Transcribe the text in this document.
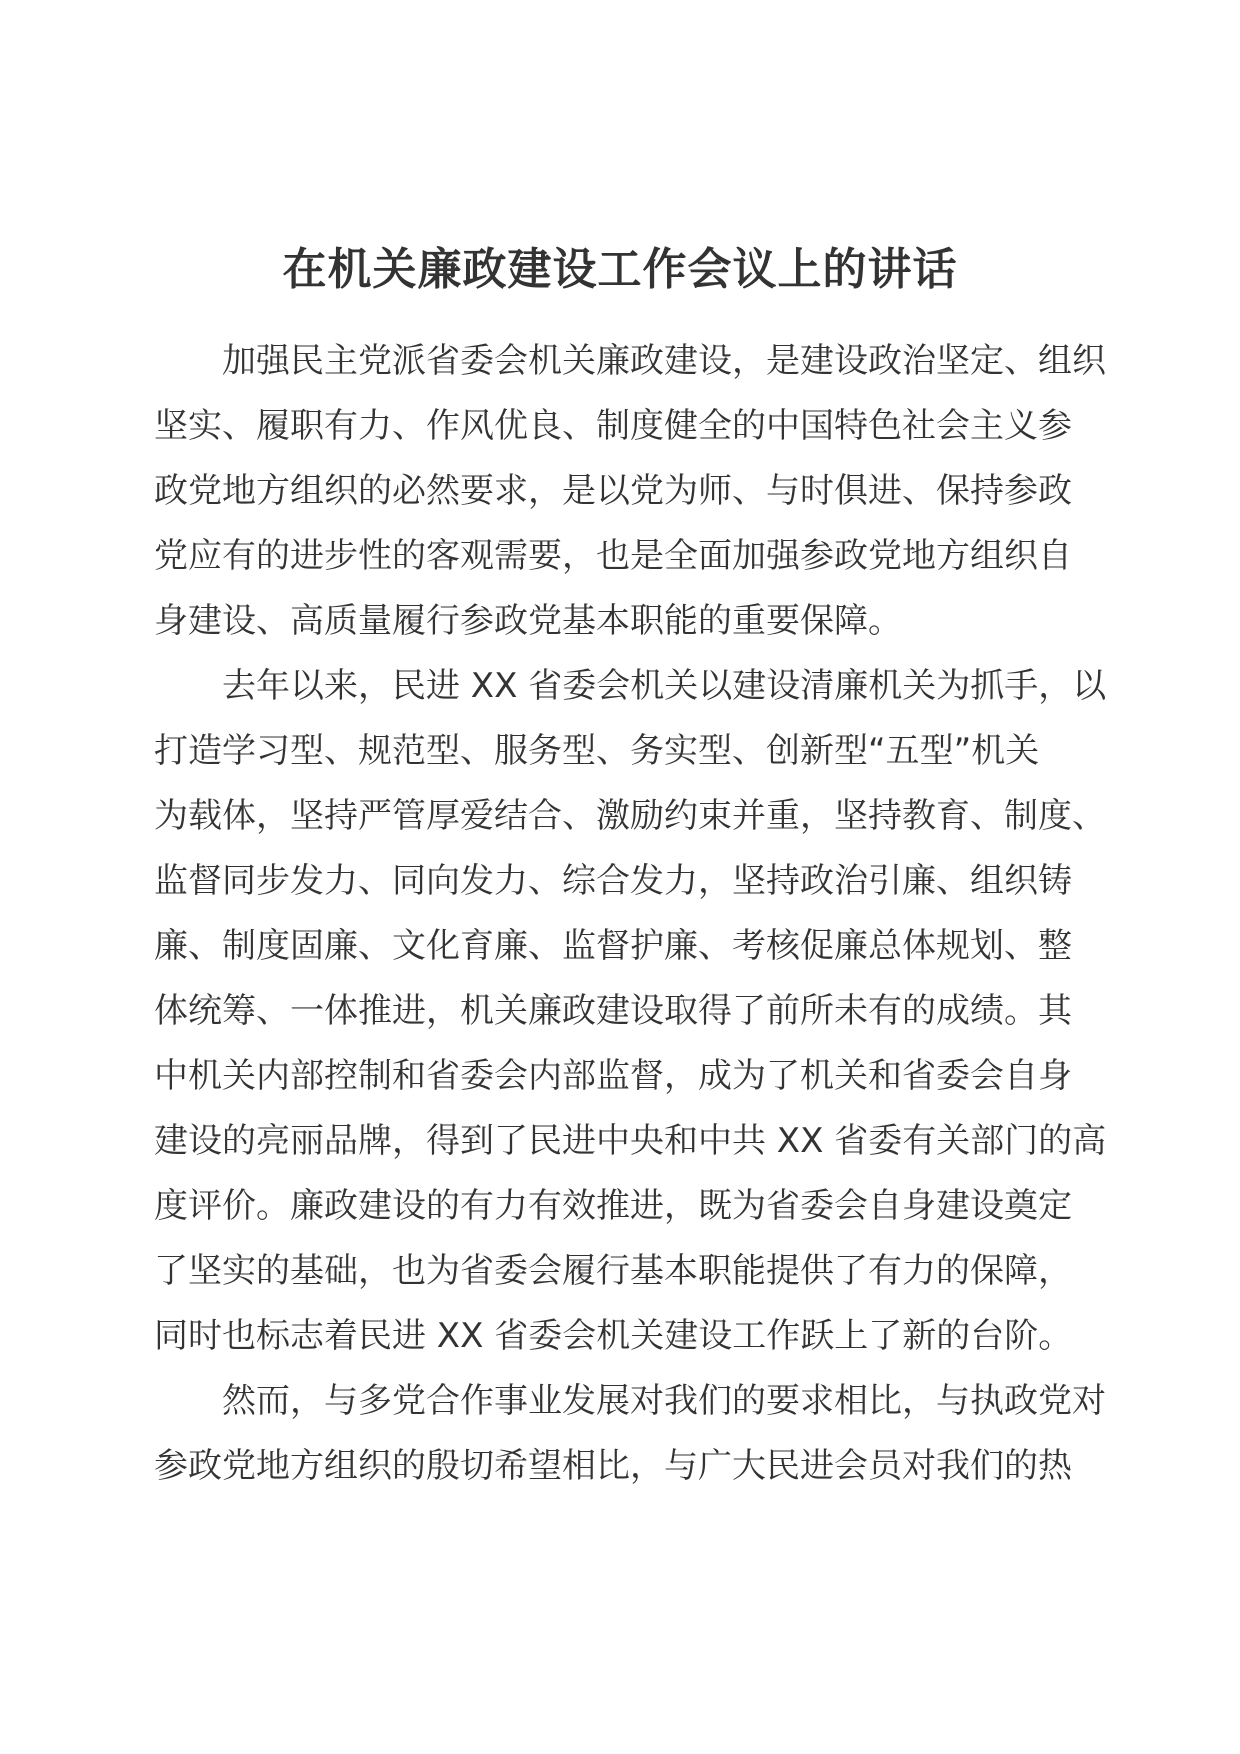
在机关廉政建设工作会议上的讲话

加强民主党派省委会机关廉政建设，是建设政治坚定、组织
坚实、履职有力、作风优良、制度健全的中国特色社会主义参
政党地方组织的必然要求，是以党为师、与时俱进、保持参政
党应有的进步性的客观需要，也是全面加强参政党地方组织自
身建设、高质量履行参政党基本职能的重要保障。

去年以来，民进 XX 省委会机关以建设清廉机关为抓手，以
打造学习型、规范型、服务型、务实型、创新型“五型”机关
为载体，坚持严管厚爱结合、激励约束并重，坚持教育、制度、
监督同步发力、同向发力、综合发力，坚持政治引廉、组织铸
廉、制度固廉、文化育廉、监督护廉、考核促廉总体规划、整
体统筹、一体推进，机关廉政建设取得了前所未有的成绩。其
中机关内部控制和省委会内部监督，成为了机关和省委会自身
建设的亮丽品牌，得到了民进中央和中共 XX 省委有关部门的高
度评价。廉政建设的有力有效推进，既为省委会自身建设奠定
了坚实的基础，也为省委会履行基本职能提供了有力的保障，
同时也标志着民进 XX 省委会机关建设工作跃上了新的台阶。

然而，与多党合作事业发展对我们的要求相比，与执政党对
参政党地方组织的殷切希望相比，与广大民进会员对我们的热
